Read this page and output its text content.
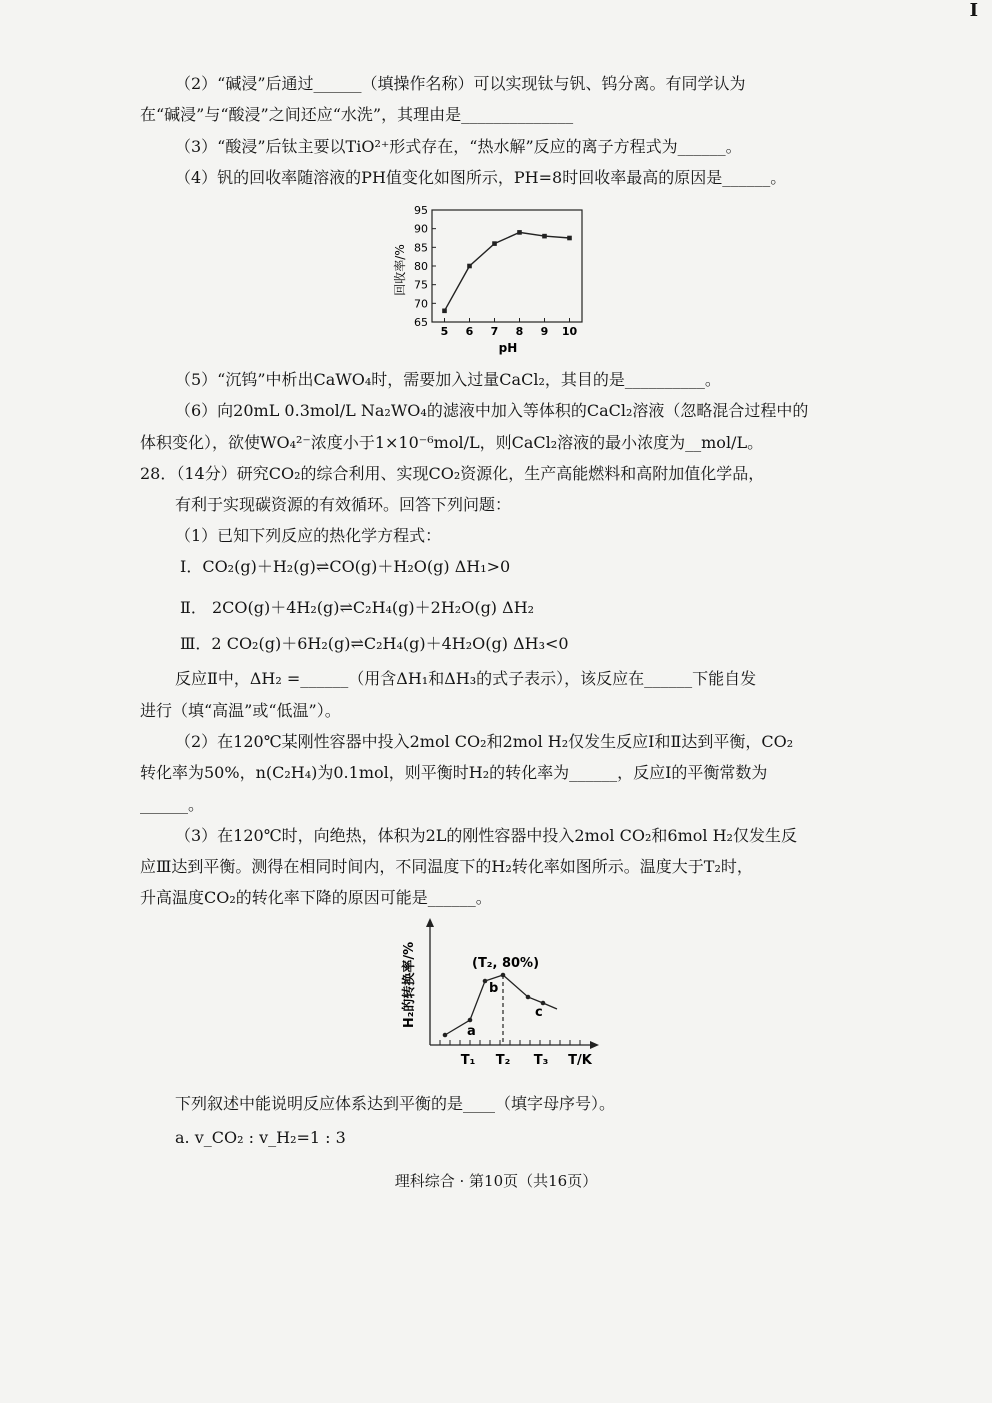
I
（2）“碱浸”后通过______（填操作名称）可以实现钛与钒、钨分离。有同学认为
在“碱浸”与“酸浸”之间还应“水洗”，其理由是______________
（3）“酸浸”后钛主要以TiO²⁺形式存在，“热水解”反应的离子方程式为______。
（4）钒的回收率随溶液的PH值变化如图所示，PH=8时回收率最高的原因是______。
65
70
75
80
85
90
95
5 6 7 8 9 10
回收率/%
pH
（5）“沉钨”中析出CaWO₄时，需要加入过量CaCl₂，其目的是__________。
（6）向20mL 0.3mol/L Na₂WO₄的滤液中加入等体积的CaCl₂溶液（忽略混合过程中的
体积变化），欲使WO₄²⁻浓度小于1×10⁻⁶mol/L，则CaCl₂溶液的最小浓度为__mol/L。
28．（14分）研究CO₂的综合利用、实现CO₂资源化，生产高能燃料和高附加值化学品，
有利于实现碳资源的有效循环。回答下列问题：
（1）已知下列反应的热化学方程式：
Ⅰ．CO₂(g)＋H₂(g)⇌CO(g)＋H₂O(g) ΔH₁>0
Ⅱ． 2CO(g)＋4H₂(g)⇌C₂H₄(g)＋2H₂O(g) ΔH₂
Ⅲ．2 CO₂(g)＋6H₂(g)⇌C₂H₄(g)＋4H₂O(g) ΔH₃<0
反应Ⅱ中，ΔH₂ =______（用含ΔH₁和ΔH₃的式子表示），该反应在______下能自发
进行（填“高温”或“低温”）。
（2）在120℃某刚性容器中投入2mol CO₂和2mol H₂仅发生反应Ⅰ和Ⅱ达到平衡，CO₂
转化率为50%，n(C₂H₄)为0.1mol，则平衡时H₂的转化率为______，反应Ⅰ的平衡常数为
______。
（3）在120℃时，向绝热，体积为2L的刚性容器中投入2mol CO₂和6mol H₂仅发生反
应Ⅲ达到平衡。测得在相同时间内，不同温度下的H₂转化率如图所示。温度大于T₂时，
升高温度CO₂的转化率下降的原因可能是______。
a
b
c
(T₂, 80%)
H₂的转换率/%
T₁ T₂ T₃ T/K
下列叙述中能说明反应体系达到平衡的是____（填字母序号）。
a. v_CO₂ : v_H₂=1 : 3
理科综合 · 第10页（共16页）
